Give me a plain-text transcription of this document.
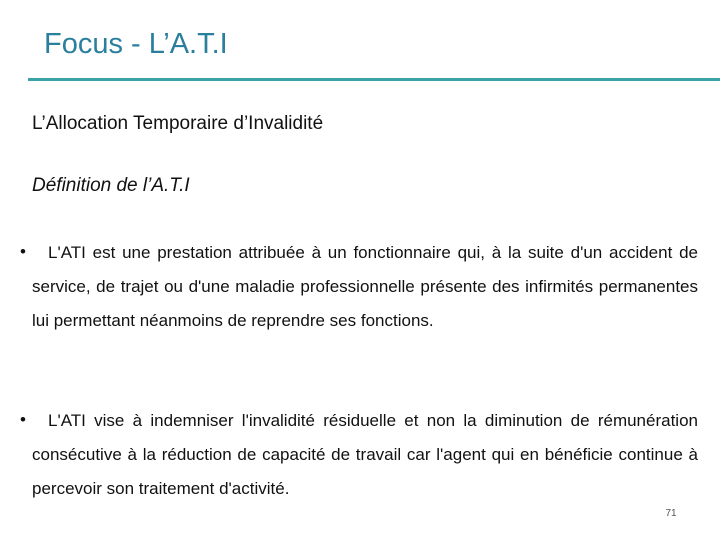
Focus - L’A.T.I
L’Allocation Temporaire d’Invalidité
Définition de l’A.T.I
•	L'ATI est une prestation attribuée à un fonctionnaire qui, à la suite d'un accident de service, de trajet ou d'une maladie professionnelle présente des infirmités permanentes lui permettant néanmoins de reprendre ses fonctions.
•	L'ATI vise à indemniser l'invalidité résiduelle et non la diminution de rémunération consécutive à la réduction de capacité de travail car l'agent qui en bénéficie continue à percevoir son traitement d'activité.
71
